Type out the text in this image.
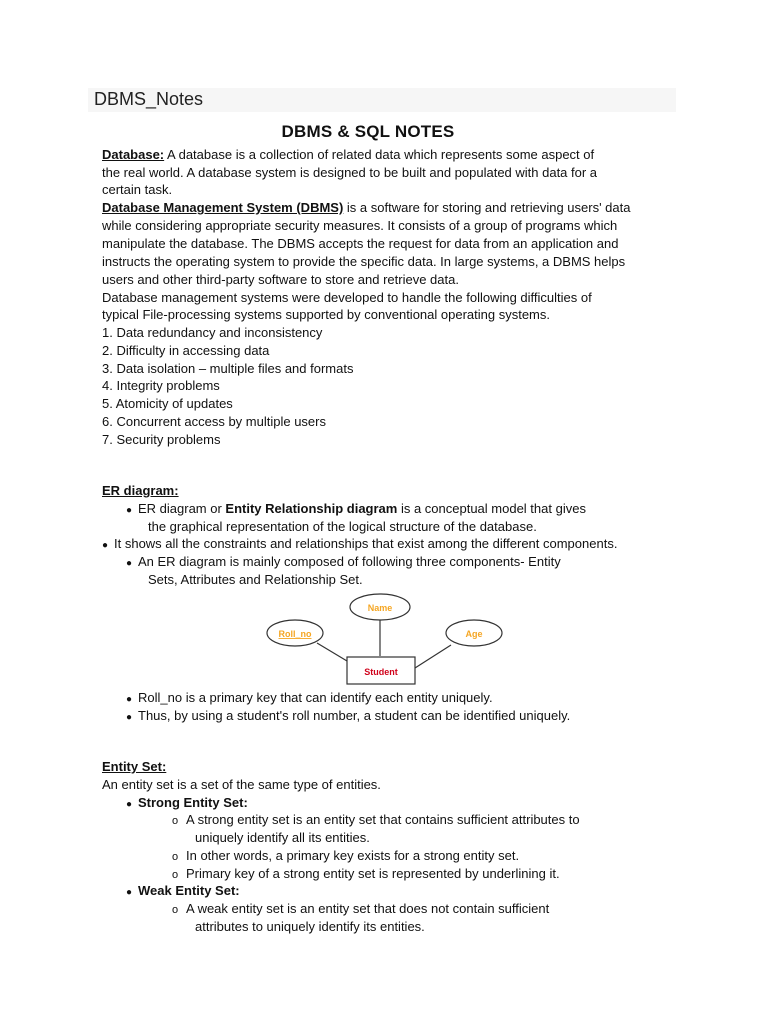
DBMS_Notes
DBMS & SQL NOTES
Database: A database is a collection of related data which represents some aspect of
the real world. A database system is designed to be built and populated with data for a
certain task.
Database Management System (DBMS) is a software for storing and retrieving users' data
while considering appropriate security measures. It consists of a group of programs which
manipulate the database. The DBMS accepts the request for data from an application and
instructs the operating system to provide the specific data. In large systems, a DBMS helps
users and other third-party software to store and retrieve data.
Database management systems were developed to handle the following difficulties of
typical File-processing systems supported by conventional operating systems.
1. Data redundancy and inconsistency
2. Difficulty in accessing data
3. Data isolation – multiple files and formats
4. Integrity problems
5. Atomicity of updates
6. Concurrent access by multiple users
7. Security problems
ER diagram:
● ER diagram or Entity Relationship diagram is a conceptual model that gives
the graphical representation of the logical structure of the database.
● It shows all the constraints and relationships that exist among the different components.
● An ER diagram is mainly composed of following three components- Entity
Sets, Attributes and Relationship Set.
Name
Roll_no	Age
Student
● Roll_no is a primary key that can identify each entity uniquely.
● Thus, by using a student's roll number, a student can be identified uniquely.
Entity Set:
An entity set is a set of the same type of entities.
● Strong Entity Set:
o A strong entity set is an entity set that contains sufficient attributes to
uniquely identify all its entities.
o In other words, a primary key exists for a strong entity set.
o Primary key of a strong entity set is represented by underlining it.
● Weak Entity Set:
o A weak entity set is an entity set that does not contain sufficient
attributes to uniquely identify its entities.
